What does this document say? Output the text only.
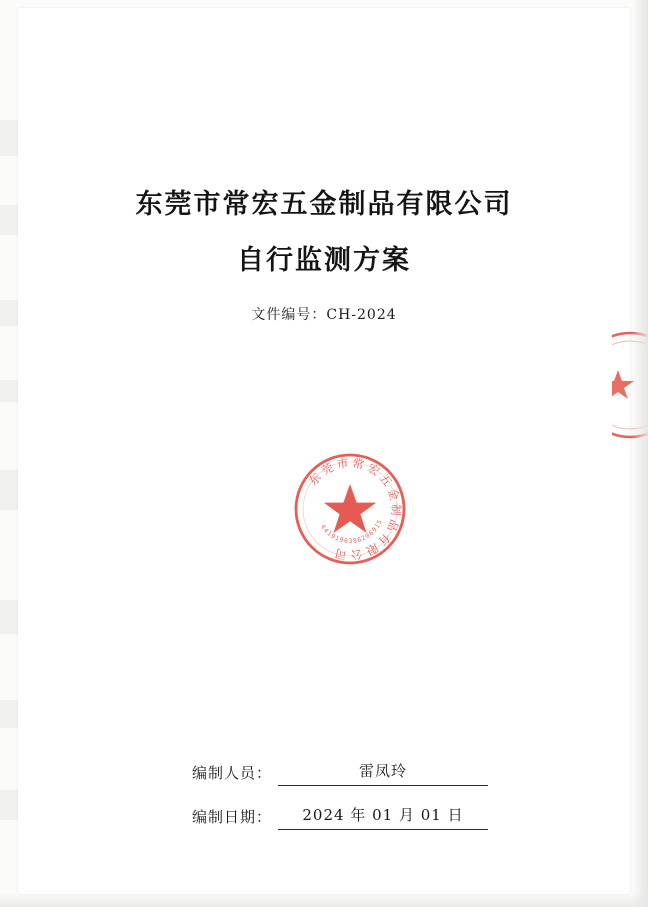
东莞市常宏五金制品有限公司
自行监测方案
文件编号：CH-2024
东莞市常宏五金制品有限公司
4419190386206915
编制人员：	雷凤玲
编制日期：	2024 年 01 月 01 日
